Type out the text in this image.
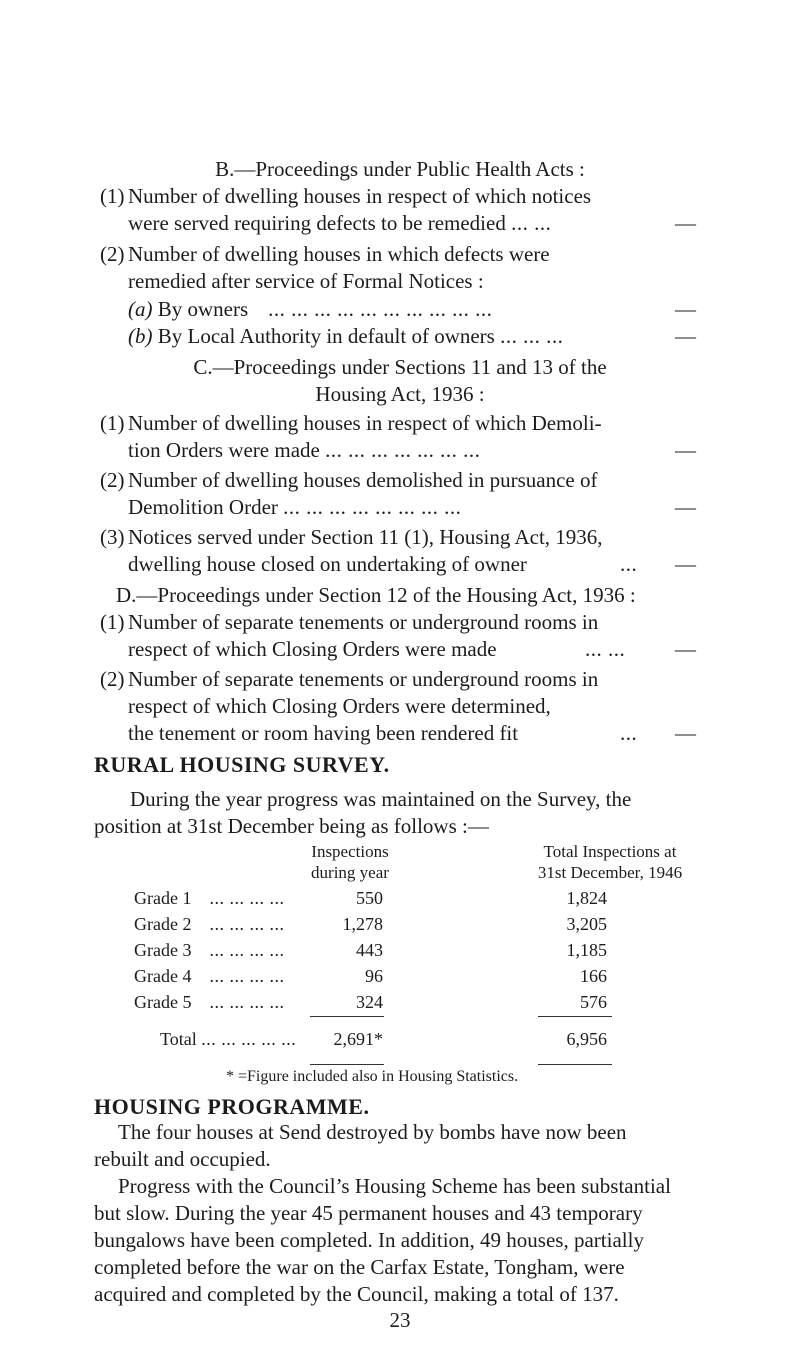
B.—Proceedings under Public Health Acts :
(1) Number of dwelling houses in respect of which notices
were served requiring defects to be remedied ... ...	—
(2) Number of dwelling houses in which defects were
remedied after service of Formal Notices :
(a) By owners ... ... ... ... ... ... ... ... ... ...	—
(b) By Local Authority in default of owners ... ... ...	—
C.—Proceedings under Sections 11 and 13 of the
Housing Act, 1936 :
(1) Number of dwelling houses in respect of which Demoli-
tion Orders were made ... ... ... ... ... ... ...	—
(2) Number of dwelling houses demolished in pursuance of
Demolition Order ... ... ... ... ... ... ... ...	—
(3) Notices served under Section 11 (1), Housing Act, 1936,
dwelling house closed on undertaking of owner	...	—
D.—Proceedings under Section 12 of the Housing Act, 1936 :
(1) Number of separate tenements or underground rooms in
respect of which Closing Orders were made	... ...	—
(2) Number of separate tenements or underground rooms in
respect of which Closing Orders were determined,
the tenement or room having been rendered fit	...	—
RURAL HOUSING SURVEY.
During the year progress was maintained on the Survey, the
position at 31st December being as follows :—
Inspections
during year
Total Inspections at
31st December, 1946
Grade 1 ... ... ... ...	550	1,824
Grade 2 ... ... ... ...	1,278	3,205
Grade 3 ... ... ... ...	443	1,185
Grade 4 ... ... ... ...	96	166
Grade 5 ... ... ... ...	324	576
Total ... ... ... ... ...	2,691*	6,956
* =Figure included also in Housing Statistics.
HOUSING PROGRAMME.
The four houses at Send destroyed by bombs have now been
rebuilt and occupied.
Progress with the Council’s Housing Scheme has been substantial
but slow. During the year 45 permanent houses and 43 temporary
bungalows have been completed. In addition, 49 houses, partially
completed before the war on the Carfax Estate, Tongham, were
acquired and completed by the Council, making a total of 137.
23
